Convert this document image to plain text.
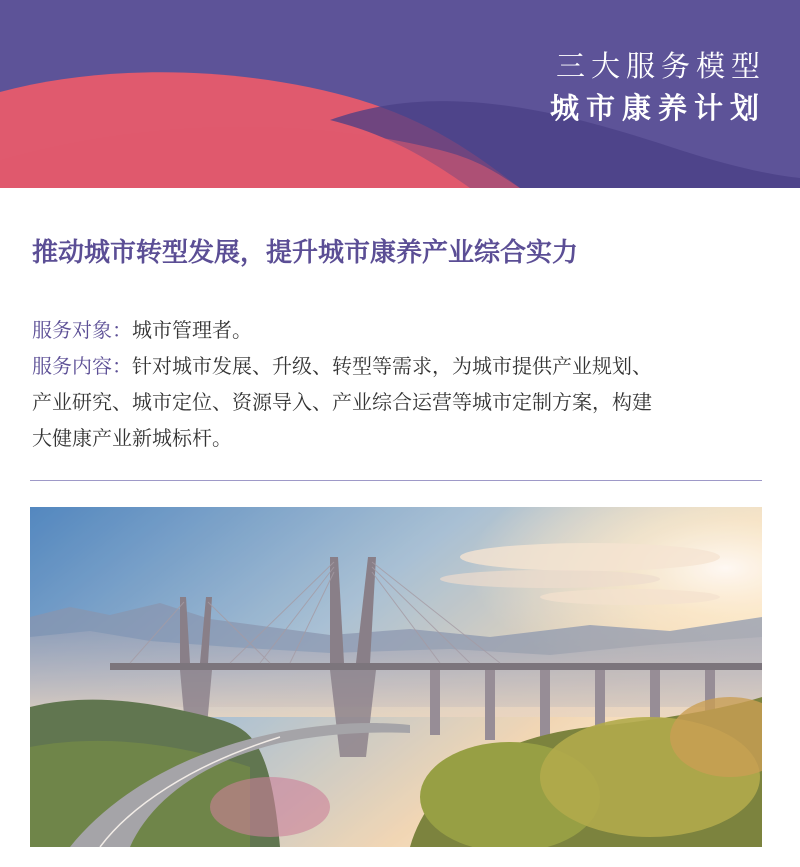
三大服务模型
城市康养计划
推动城市转型发展，提升城市康养产业综合实力
服务对象：城市管理者。
服务内容：针对城市发展、升级、转型等需求，为城市提供产业规划、
产业研究、城市定位、资源导入、产业综合运营等城市定制方案，构建
大健康产业新城标杆。
